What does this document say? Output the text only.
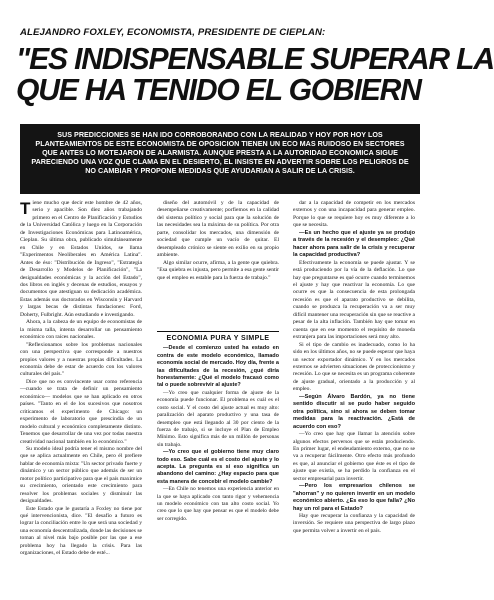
ALEJANDRO FOXLEY, ECONOMISTA, PRESIDENTE DE CIEPLAN:
"ES INDISPENSABLE SUPERAR LA
QUE HA TENIDO EL GOBIERN
SUS PREDICCIONES SE HAN IDO CORROBORANDO CON LA REALIDAD Y HOY POR HOY LOS PLANTEAMIENTOS DE ESTE ECONOMISTA DE OPOSICION TIENEN UN ECO MAS RUIDOSO EN SECTORES QUE ANTES LO MOTEJARON DE ALARMISTA. AUNQUE PRESTA A LA AUTORIDAD ECONOMICA SIGUE PARECIENDO UNA VOZ QUE CLAMA EN EL DESIERTO, EL INSISTE EN ADVERTIR SOBRE LOS PELIGROS DE NO CAMBIAR Y PROPONE MEDIDAS QUE AYUDARIAN A SALIR DE LA CRISIS.

Tiene mucho que decir este hombre de 42 años, serio y apacible. Son diez años trabajando primero en el Centro de Planificación y Estudios de la Universidad Católica y luego en la Corporación de Investigaciones Económicas para Latinoamérica, Cieplan. Su última obra, publicado simultáneamente en Chile y en Estados Unidos, se llama "Experimentos Neoliberales en América Latina". Antes de éso: "Distribución de Ingreso", "Estrategia de Desarrollo y Modelos de Planificación", "La desigualdades económicas y la acción del Estado", dos libros en inglés y decenas de estudios, ensayos y documentos que atestiguan su dedicación académica. Estas además sus doctorados en Wisconsin y Harvard y largas becas de distintas fundaciones: Ford, Doherty, Fulbright. Aún estudiando e investigando.

Ahora, a la cabeza de un equipo de economistas de la misma talla, intenta desarrollar un pensamiento económico con raíces nacionales.

"Reflexionamos sobre los problemas nacionales con una perspectiva que corresponde a nuestros propios valores y a nuestras propias dificultades. La economía debe de estar de acuerdo con los valores culturales del país."

Dice que no es convincente usar como referencia —cuando se trata de definir un pensamiento económico— modelos que se han aplicado en otros países. "Tanto en el de los sucesivos que nosotros criticamos el experimento de Chicago: un experimento de laboratorio que prescindía de un modelo cultural y económico completamente distinto. Tenemos que desarrollar de una vez por todas nuestra creatividad nacional también en lo económico."

Su modelo ideal podría tener el mismo nombre del que se aplica actualmente en Chile, pero él prefiere hablar de economía mixta: "Un sector privado fuerte y dinámico y un sector público que además de ser un motor político participativo para que el país maximice su crecimiento, orientado este crecimiento para resolver los problemas sociales y disminuir las desigualdades.

Este Estado que le gustaría a Foxley no tiene por qué intervencionista, dice. "El desafío a futuro es lograr la conciliación entre lo que será una sociedad y una economía descentralizada, donde las decisiones se toman al nivel más bajo posible por las que a ese problema hoy ha llegado la crisis. Para las organizaciones, el Estado debe de esté...

diseño del automóvil y de la capacidad de desempeñarse creativamente; porfiemos en la calidad del sistema político y social para que la solución de las necesidades sea la máxima de su política. Por otra parte, consolidar los mercados, una dimensión de sociedad que cumple un vacío de quitar. El desempleado crónico se siente en exilio en su propio ambiente.

Algo similar ocurre, afirma, a la gente que quiebra. "Esa quiebra es injusta, pero permite a esa gente sentir que el empleo es estable para la fuerza de trabajo."

ECONOMIA PURA Y SIMPLE

—Desde el comienzo usted ha estado en contra de este modelo económico, llamado economía social de mercado. Hoy día, frente a las dificultades de la recesión, ¿qué diría honestamente: ¿Qué el modelo fracasó como tal o puede sobrevivir al ajuste?

—Yo creo que cualquier forma de ajuste de la economía puede funcionar. El problema es cuál es el costo social. Y el costo del ajuste actual es muy alto: paralización del aparato productivo y una tasa de desempleo que está llegando al 30 por ciento de la fuerza de trabajo, si se incluye el Plan de Empleo Mínimo. Esto significa más de un millón de personas sin trabajo.

—Yo creo que el gobierno tiene muy claro todo eso. Sabe cuál es el costo del ajuste y lo acepta. La pregunta es si eso significa un abandono del camino: ¿Hay espacio para que esta manera de concebir el modelo cambie?

—En Chile no tenemos una experiencia anterior en la que se haya aplicado con tanto rigor y vehemencia un modelo económico con tan alto costo social. Yo creo que lo que hay que pensar es que el modelo debe ser corregido.

dar a la capacidad de competir en los mercados externos y con una incapacidad para generar empleo. Porque lo que se requiere hoy es muy diferente a lo que se necesita.

—Es un hecho que el ajuste ya se produjo a través de la recesión y el desempleo: ¿Qué hacer ahora para salir de la crisis y recuperar la capacidad productiva?

Efectivamente la economía se puede ajustar. Y se está produciendo por la vía de la deflación. Lo que hay que preguntarse es qué ocurre cuando terminemos el ajuste y hay que reactivar la economía. Lo que ocurre es que la consecuencia de esta prolongada recesión es que el aparato productivo se debilita, cuando se produzca la recuperación va a ser muy difícil mantener una recuperación sin que se reactive a pesar de la alta inflación. También hay que tomar en cuenta que en ese momento el requisito de moneda extranjera para las importaciones será muy alto.

Si el tipo de cambio es inadecuado, como lo ha sido en los últimos años, no se puede esperar que haya un sector exportador dinámico. Y en los mercados externos se advierten situaciones de proteccionismo y recesión. Lo que se necesita es un programa coherente de ajuste gradual, orientado a la producción y al empleo.

—Según Álvaro Bardón, ya no tiene sentido discutir si se pudo haber seguido otra política, sino si ahora se deben tomar medidas para la reactivación. ¿Está de acuerdo con eso?

—Yo creo que hay que llamar la atención sobre algunos efectos perversos que se están produciendo. En primer lugar, el endeudamiento externo, que no se va a recuperar fácilmente. Otro efecto más profundo es que, al anunciar el gobierno que éste es el tipo de ajuste que existía, se ha perdido la confianza en el sector empresarial para invertir.

—Pero los empresarios chilenos se "ahorran" y no quieren invertir en un modelo económico abierto. ¿Es eso lo que falla? ¿No hay un rol para el Estado?

Hay que recuperar la confianza y la capacidad de inversión. Se requiere una perspectiva de largo plazo que permita volver a invertir en el país.
